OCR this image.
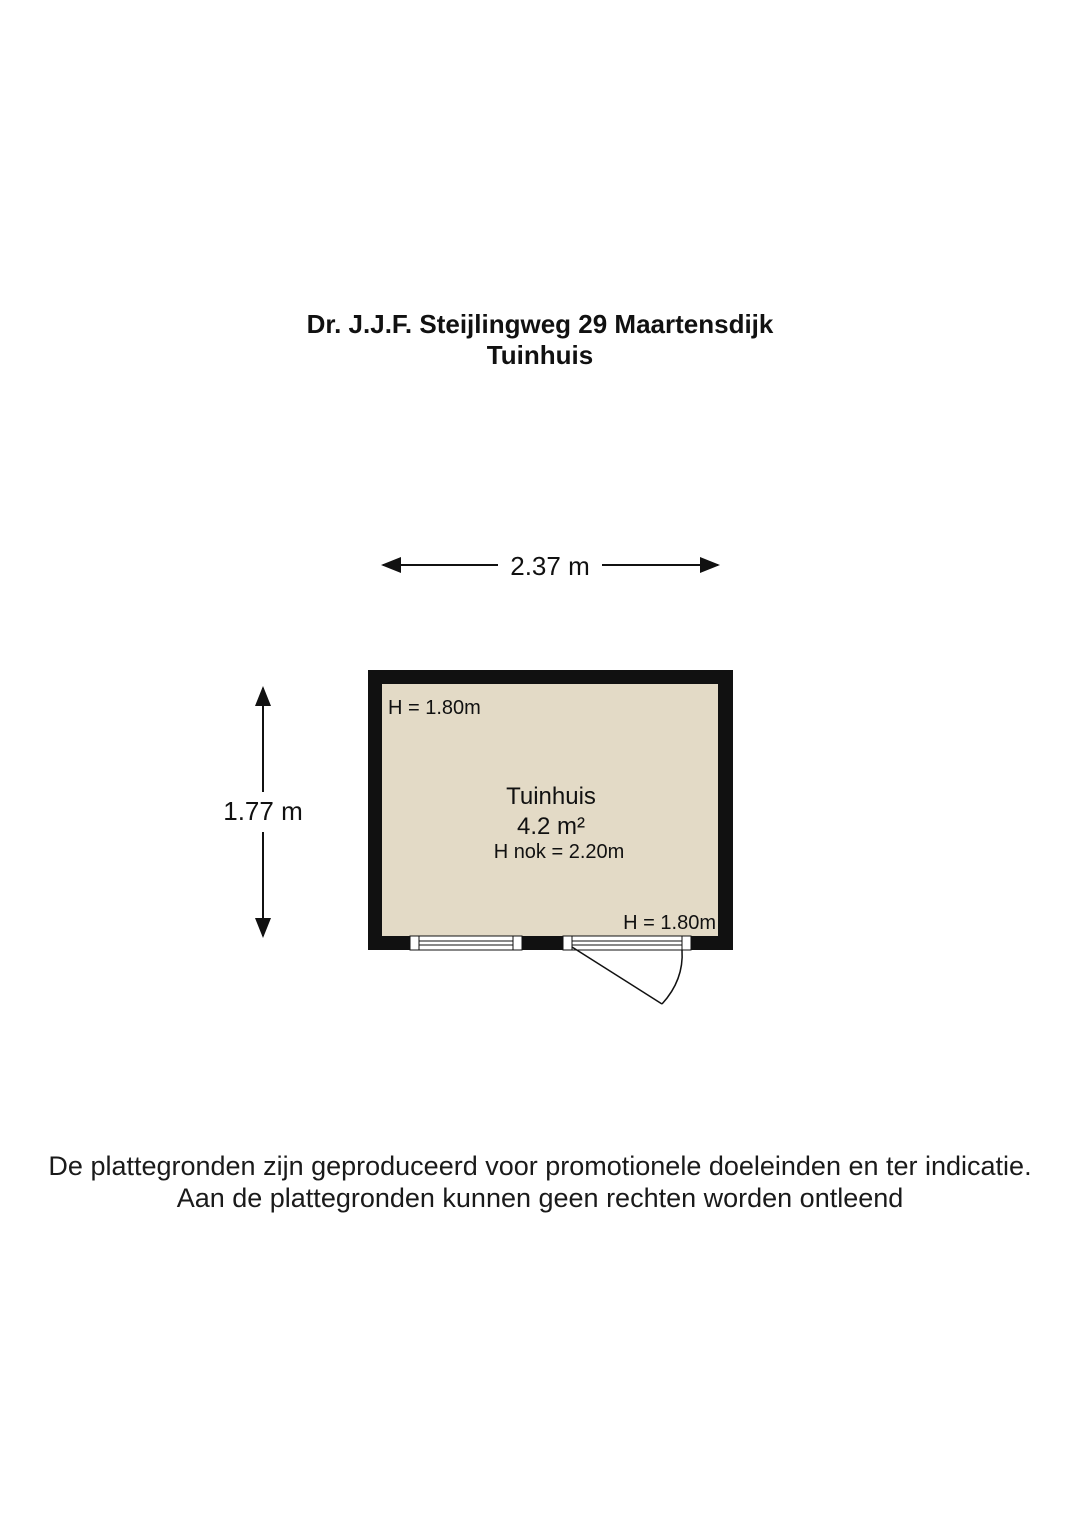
Dr. J.J.F. Steijlingweg 29 Maartensdijk
Tuinhuis
2.37 m
1.77 m
H = 1.80m
Tuinhuis
4.2 m²
H nok = 2.20m
H = 1.80m
De plattegronden zijn geproduceerd voor promotionele doeleinden en ter indicatie.
Aan de plattegronden kunnen geen rechten worden ontleend
